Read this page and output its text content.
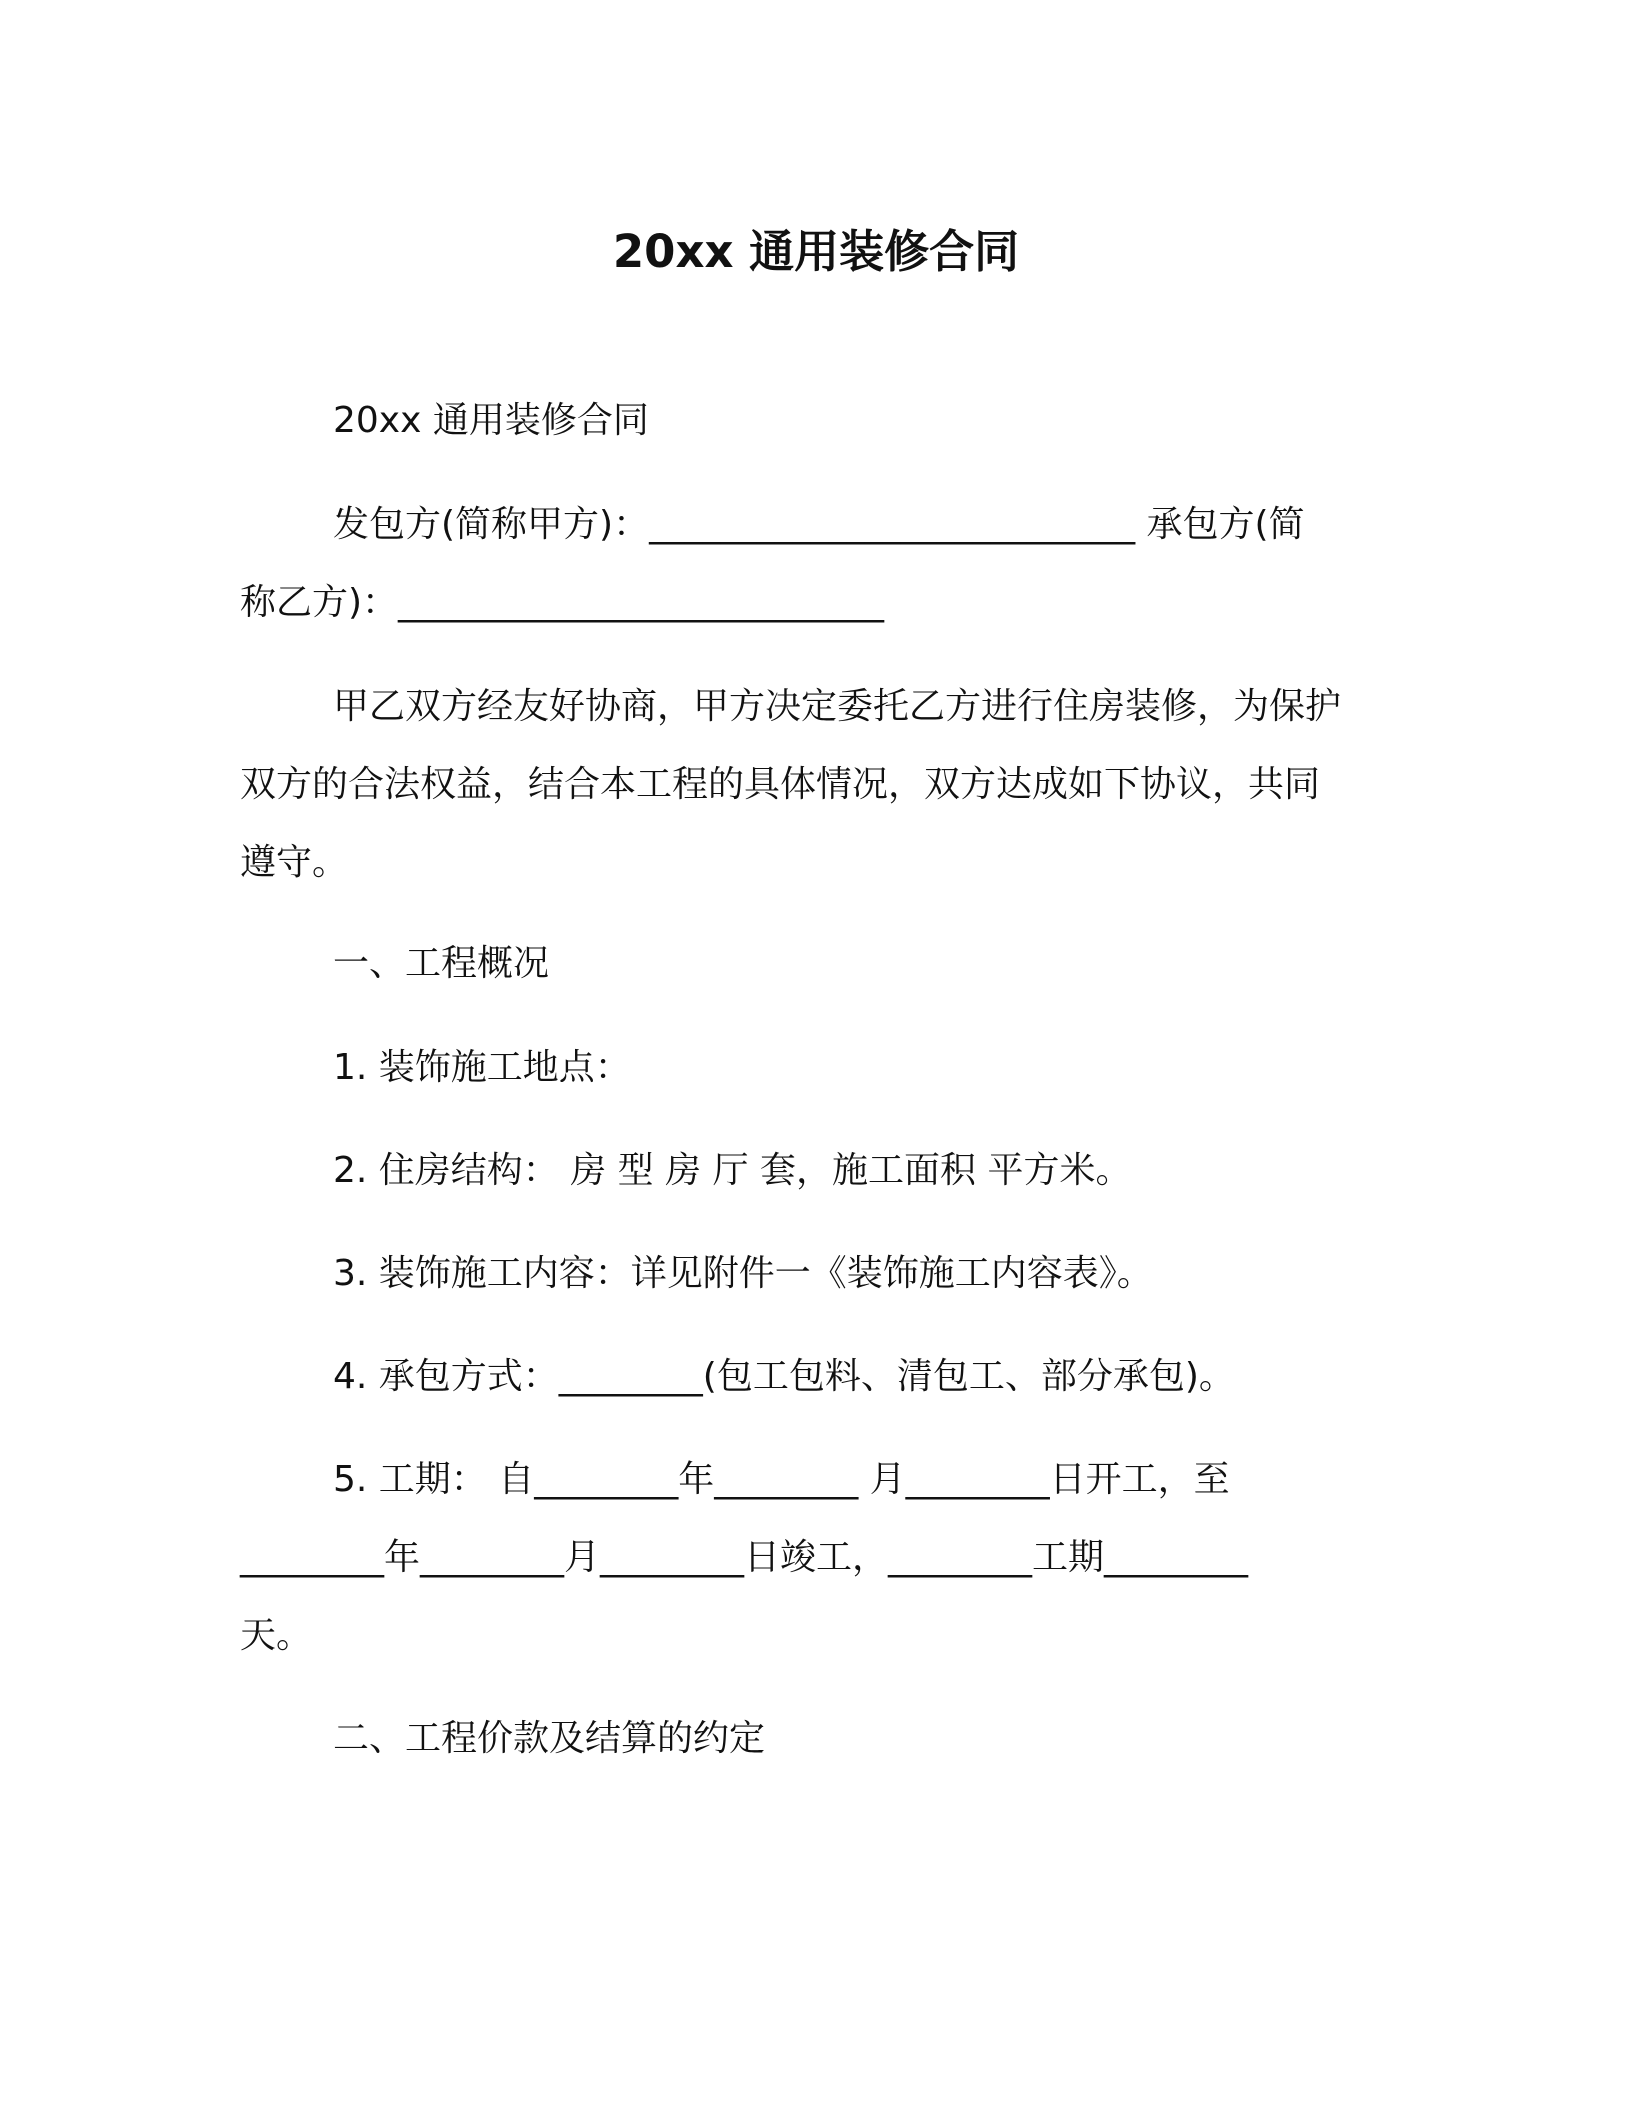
20xx 通用装修合同
20xx 通用装修合同
发包方(简称甲方)：___________________________ 承包方(简
称乙方)：___________________________
甲乙双方经友好协商，甲方决定委托乙方进行住房装修，为保护
双方的合法权益，结合本工程的具体情况，双方达成如下协议，共同
遵守。
一、工程概况
1. 装饰施工地点：
2. 住房结构： 房 型 房 厅 套，施工面积 平方米。
3. 装饰施工内容：详见附件一《装饰施工内容表》。
4. 承包方式：________(包工包料、清包工、部分承包)。
5. 工期： 自________年________ 月________日开工，至
________年________月________日竣工，________工期________
天。
二、工程价款及结算的约定
